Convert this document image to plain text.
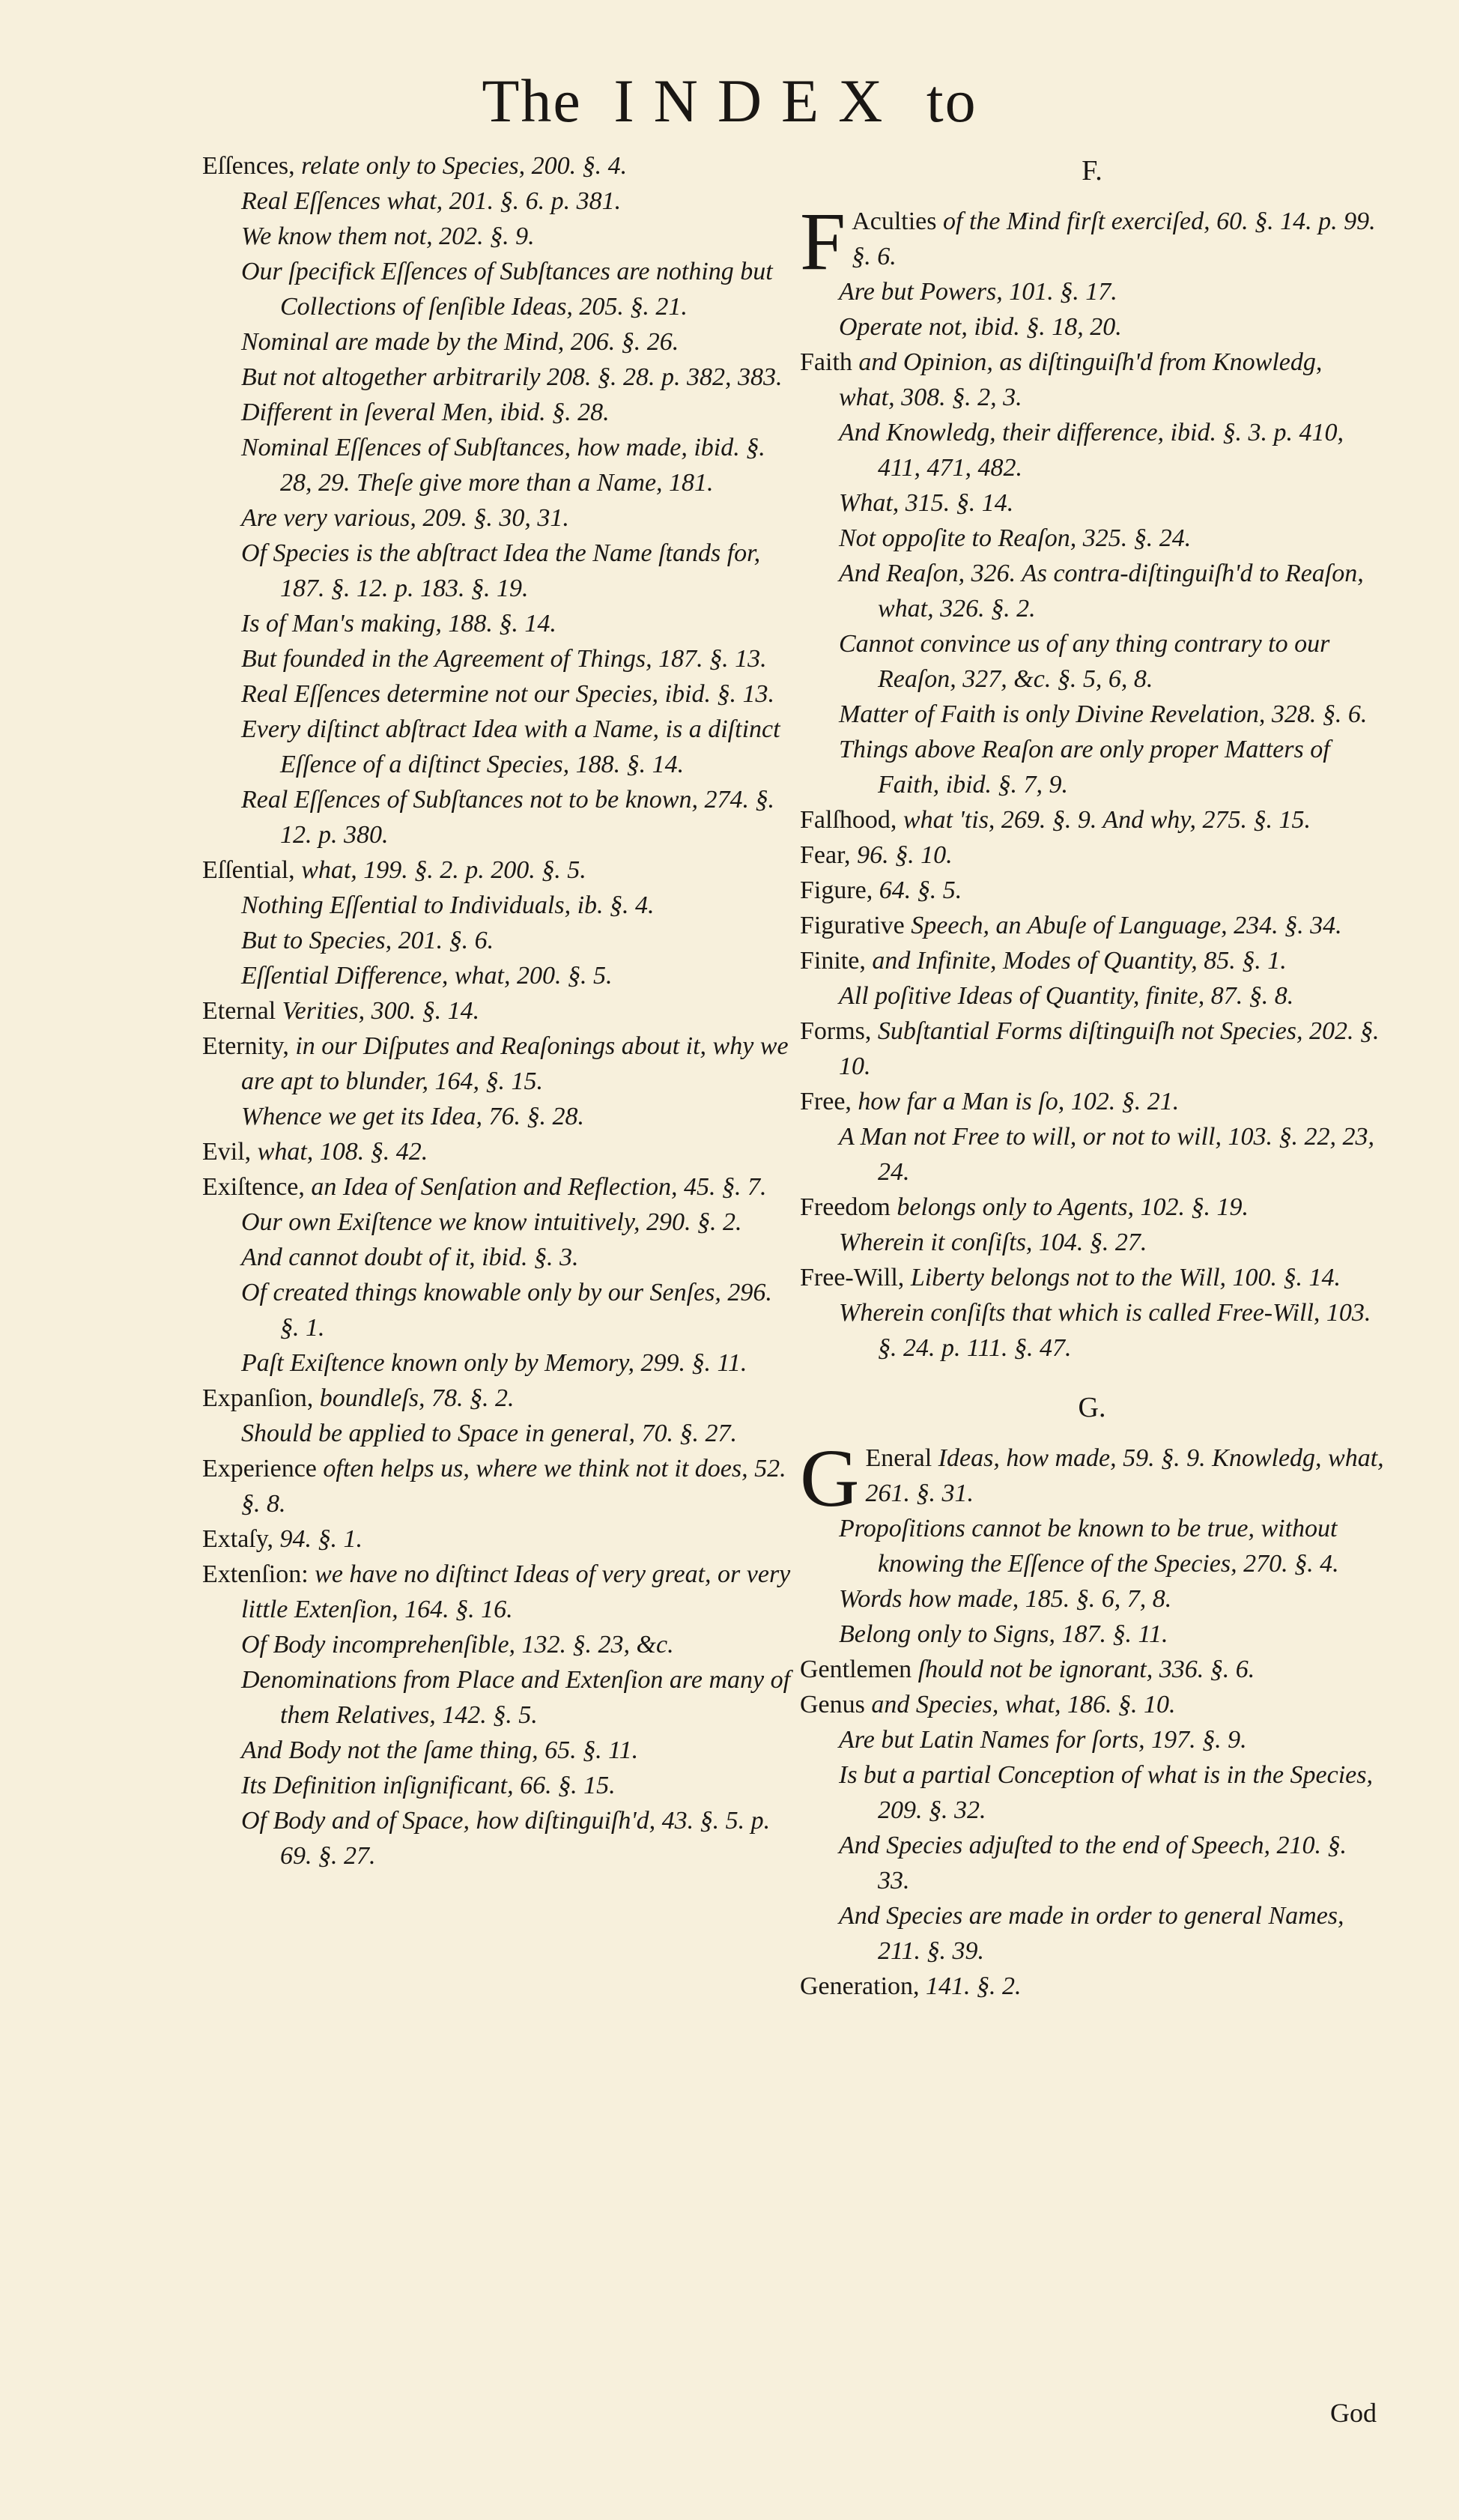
The INDEX to
Eſſences, relate only to Species, 200. §. 4.
Real Eſſences what, 201. §. 6. p. 381.
We know them not, 202. §. 9.
Our ſpecifick Eſſences of Subſtances are nothing but Collections of ſenſible Ideas, 205. §. 21.
Nominal are made by the Mind, 206. §. 26.
But not altogether arbitrarily 208. §. 28. p. 382, 383.
Different in ſeveral Men, ibid. §. 28.
Nominal Eſſences of Subſtances, how made, ibid. §. 28, 29. Theſe give more than a Name, 181.
Are very various, 209. §. 30, 31.
Of Species is the abſtract Idea the Name ſtands for, 187. §. 12. p. 183. §. 19.
Is of Man's making, 188. §. 14.
But founded in the Agreement of Things, 187. §. 13.
Real Eſſences determine not our Species, ibid. §. 13.
Every diſtinct abſtract Idea with a Name, is a diſtinct Eſſence of a diſtinct Species, 188. §. 14.
Real Eſſences of Subſtances not to be known, 274. §. 12. p. 380.
Eſſential, what, 199. §. 2. p. 200. §. 5.
Nothing Eſſential to Individuals, ib. §. 4.
But to Species, 201. §. 6.
Eſſential Difference, what, 200. §. 5.
Eternal Verities, 300. §. 14.
Eternity, in our Diſputes and Reaſonings about it, why we are apt to blunder, 164, §. 15.
Whence we get its Idea, 76. §. 28.
Evil, what, 108. §. 42.
Exiſtence, an Idea of Senſation and Reflection, 45. §. 7.
Our own Exiſtence we know intuitively, 290. §. 2.
And cannot doubt of it, ibid. §. 3.
Of created things knowable only by our Senſes, 296. §. 1.
Paſt Exiſtence known only by Memory, 299. §. 11.
Expanſion, boundleſs, 78. §. 2.
Should be applied to Space in general, 70. §. 27.
Experience often helps us, where we think not it does, 52. §. 8.
Extaſy, 94. §. 1.
Extenſion: we have no diſtinct Ideas of very great, or very little Extenſion, 164. §. 16.
Of Body incomprehenſible, 132. §. 23, &c.
Denominations from Place and Extenſion are many of them Relatives, 142. §. 5.
And Body not the ſame thing, 65. §. 11.
Its Definition inſignificant, 66. §. 15.
Of Body and of Space, how diſtinguiſh'd, 43. §. 5. p. 69. §. 27.
F.
F Aculties of the Mind firſt exerciſed, 60. §. 14. p. 99. §. 6.
Are but Powers, 101. §. 17.
Operate not, ibid. §. 18, 20.
Faith and Opinion, as diſtinguiſh'd from Knowledg, what, 308. §. 2, 3.
And Knowledg, their difference, ibid. §. 3. p. 410, 411, 471, 482.
What, 315. §. 14.
Not oppoſite to Reaſon, 325. §. 24.
And Reaſon, 326. As contra-diſtinguiſh'd to Reaſon, what, 326. §. 2.
Cannot convince us of any thing contrary to our Reaſon, 327, &c. §. 5, 6, 8.
Matter of Faith is only Divine Revelation, 328. §. 6.
Things above Reaſon are only proper Matters of Faith, ibid. §. 7, 9.
Falſhood, what 'tis, 269. §. 9. And why, 275. §. 15.
Fear, 96. §. 10.
Figure, 64. §. 5.
Figurative Speech, an Abuſe of Language, 234. §. 34.
Finite, and Infinite, Modes of Quantity, 85. §. 1.
All poſitive Ideas of Quantity, finite, 87. §. 8.
Forms, Subſtantial Forms diſtinguiſh not Species, 202. §. 10.
Free, how far a Man is ſo, 102. §. 21.
A Man not Free to will, or not to will, 103. §. 22, 23, 24.
Freedom belongs only to Agents, 102. §. 19.
Wherein it conſiſts, 104. §. 27.
Free-Will, Liberty belongs not to the Will, 100. §. 14.
Wherein conſiſts that which is called Free-Will, 103. §. 24. p. 111. §. 47.
G.
G Eneral Ideas, how made, 59. §. 9. Knowledg, what, 261. §. 31.
Propoſitions cannot be known to be true, without knowing the Eſſence of the Species, 270. §. 4.
Words how made, 185. §. 6, 7, 8.
Belong only to Signs, 187. §. 11.
Gentlemen ſhould not be ignorant, 336. §. 6.
Genus and Species, what, 186. §. 10.
Are but Latin Names for ſorts, 197. §. 9.
Is but a partial Conception of what is in the Species, 209. §. 32.
And Species adjuſted to the end of Speech, 210. §. 33.
And Species are made in order to general Names, 211. §. 39.
Generation, 141. §. 2.
God
